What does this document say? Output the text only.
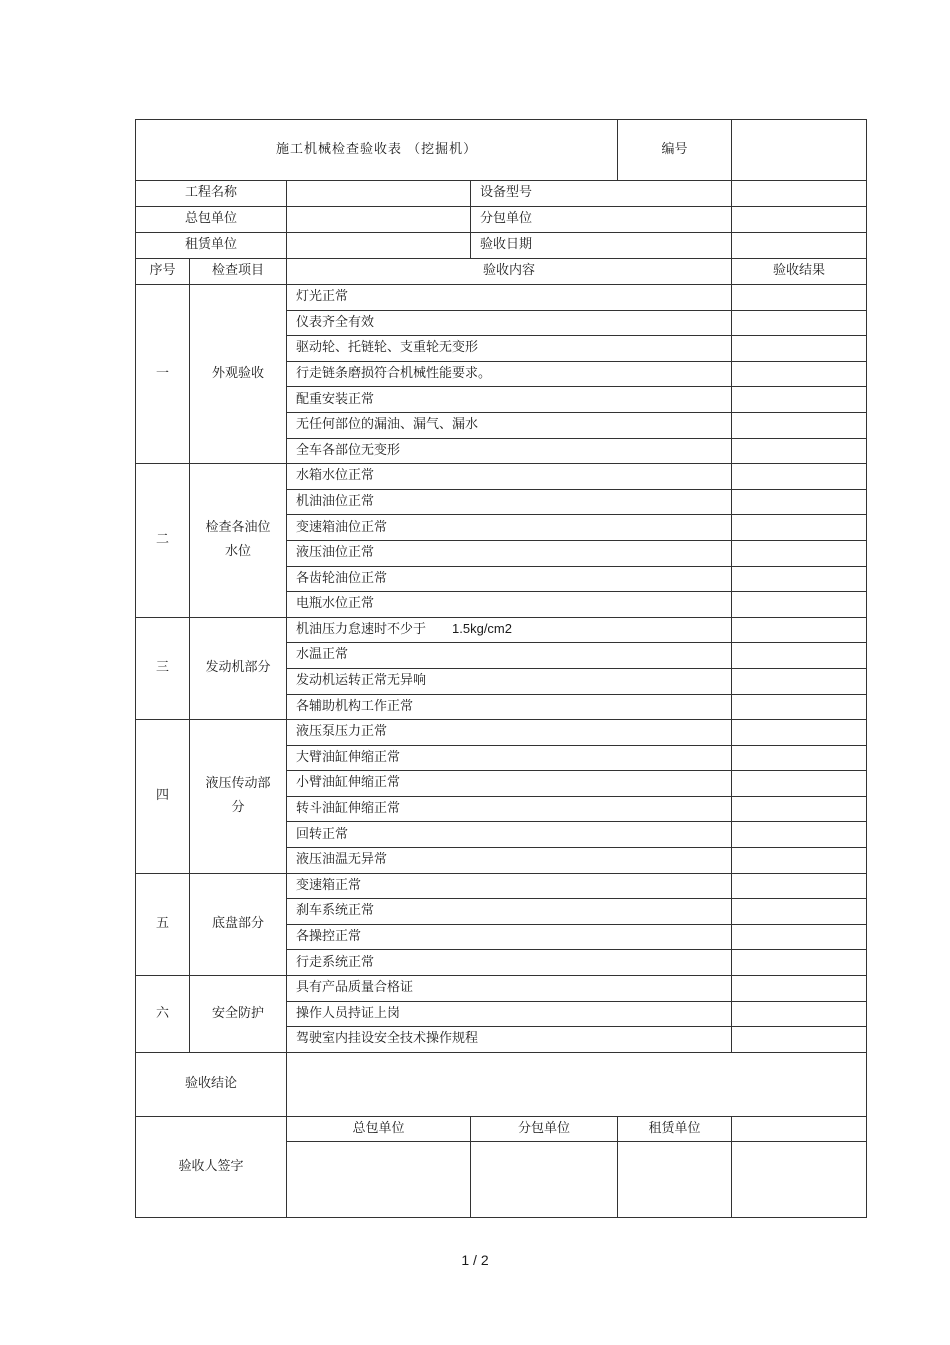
施工机械检查验收表 （挖掘机）				编号	
工程名称			设备型号		
总包单位			分包单位		
租赁单位			验收日期		
序号	检查项目	验收内容			验收结果
一	外观验收	灯光正常			
		仪表齐全有效			
		驱动轮、托链轮、支重轮无变形			
		行走链条磨损符合机械性能要求。			
		配重安装正常			
		无任何部位的漏油、漏气、漏水			
		全车各部位无变形			
二	检查各油位水位	水箱水位正常			
		机油油位正常			
		变速箱油位正常			
		液压油位正常			
		各齿轮油位正常			
		电瓶水位正常			
三	发动机部分	机油压力怠速时不少于 1.5kg/cm2			
		水温正常			
		发动机运转正常无异响			
		各辅助机构工作正常			
四	液压传动部分	液压泵压力正常			
		大臂油缸伸缩正常			
		小臂油缸伸缩正常			
		转斗油缸伸缩正常			
		回转正常			
		液压油温无异常			
五	底盘部分	变速箱正常			
		刹车系统正常			
		各操控正常			
		行走系统正常			
六	安全防护	具有产品质量合格证			
		操作人员持证上岗			
		驾驶室内挂设安全技术操作规程			
验收结论					
验收人签字		总包单位	分包单位	租赁单位	

1 / 2
